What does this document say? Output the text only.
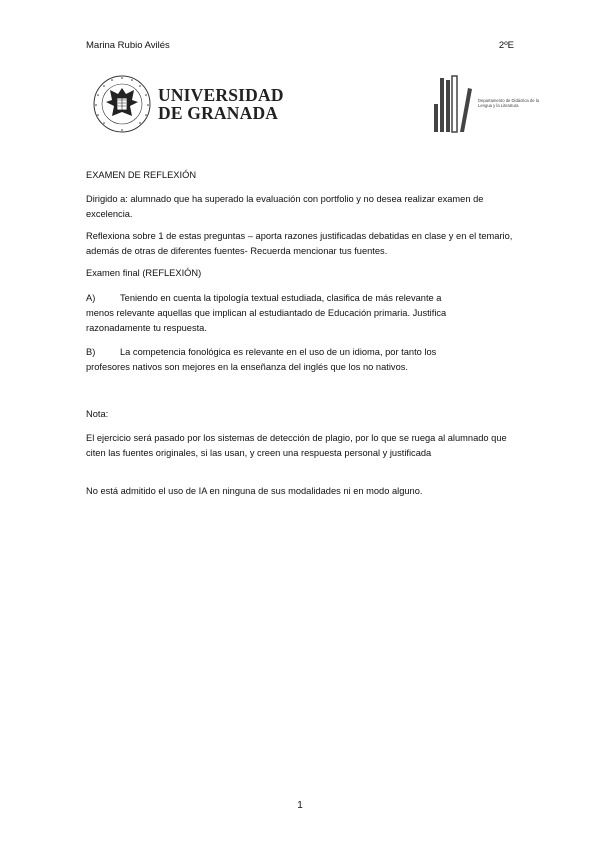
Marina Rubio Avilés	2ºE
UNIVERSIDAD
DE GRANADA
Departamento de Didáctica de la Lengua y la Literatura

EXAMEN DE REFLEXIÓN

Dirigido a: alumnado que ha superado la evaluación con portfolio y no desea realizar examen de excelencia.

Reflexiona sobre 1 de estas preguntas – aporta razones justificadas debatidas en clase y en el temario, además de otras de diferentes fuentes- Recuerda mencionar tus fuentes.

Examen final (REFLEXIÓN)

A)	Teniendo en cuenta la tipología textual estudiada, clasifica de más relevante a
menos relevante aquellas que implican al estudiantado de Educación primaria. Justifica
razonadamente tu respuesta.
B)	La competencia fonológica es relevante en el uso de un idioma, por tanto los
profesores nativos son mejores en la enseñanza del inglés que los no nativos.

Nota:

El ejercicio será pasado por los sistemas de detección de plagio, por lo que se ruega al alumnado que citen las fuentes originales, si las usan, y creen una respuesta personal y justificada

No está admitido el uso de IA en ninguna de sus modalidades ni en modo alguno.

1
